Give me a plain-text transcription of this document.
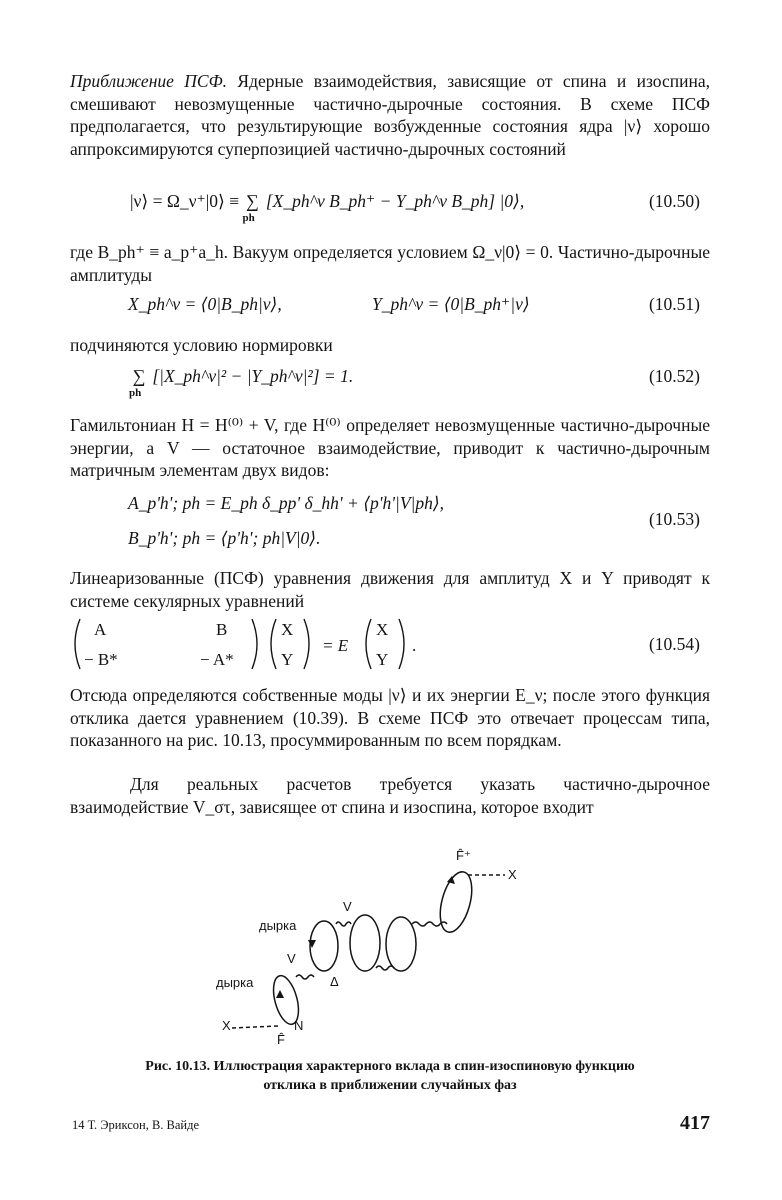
Приближение ПСФ. Ядерные взаимодействия, зависящие от спина и изоспина, смешивают невозмущенные частично-дырочные состояния. В схеме ПСФ предполагается, что результирующие возбужденные состояния ядра |ν⟩ хорошо аппроксимируются суперпозицией частично-дырочных состояний
|ν⟩ = Ω_ν⁺|0⟩ ≡ ∑
ph
[X_ph^ν B_ph⁺ − Y_ph^ν B_ph] |0⟩,	(10.50)
где B_ph⁺ ≡ a_p⁺a_h. Вакуум определяется условием Ω_ν|0⟩ = 0. Частично-дырочные амплитуды
X_ph^ν = ⟨0|B_ph|ν⟩,	Y_ph^ν = ⟨0|B_ph⁺|ν⟩	(10.51)
подчиняются условию нормировки
∑
ph
[|X_ph^ν|² − |Y_ph^ν|²] = 1.	(10.52)
Гамильтониан H = H⁽⁰⁾ + V, где H⁽⁰⁾ определяет невозмущенные частично-дырочные энергии, а V — остаточное взаимодействие, приводит к частично-дырочным матричным элементам двух видов:
A_p'h'; ph = E_ph δ_pp' δ_hh' + ⟨p'h'|V|ph⟩,
B_p'h'; ph = ⟨p'h'; ph|V|0⟩.
(10.53)
Линеаризованные (ПСФ) уравнения движения для амплитуд X и Y приводят к системе секулярных уравнений
A	B
− B*	− A*
X
Y
= E
X
Y
.	(10.54)
Отсюда определяются собственные моды |ν⟩ и их энергии E_ν; после этого функция отклика дается уравнением (10.39). В схеме ПСФ это отвечает процессам типа, показанного на рис. 10.13, просуммированным по всем порядкам.
Для реальных расчетов требуется указать частично-дырочное взаимодействие V_στ, зависящее от спина и изоспина, которое входит
F̂⁺
X
V
дырка
V
Δ
дырка
X	N
F̂
Рис. 10.13. Иллюстрация характерного вклада в спин-изоспиновую функцию
отклика в приближении случайных фаз
14 Т. Эриксон, В. Вайде	417
